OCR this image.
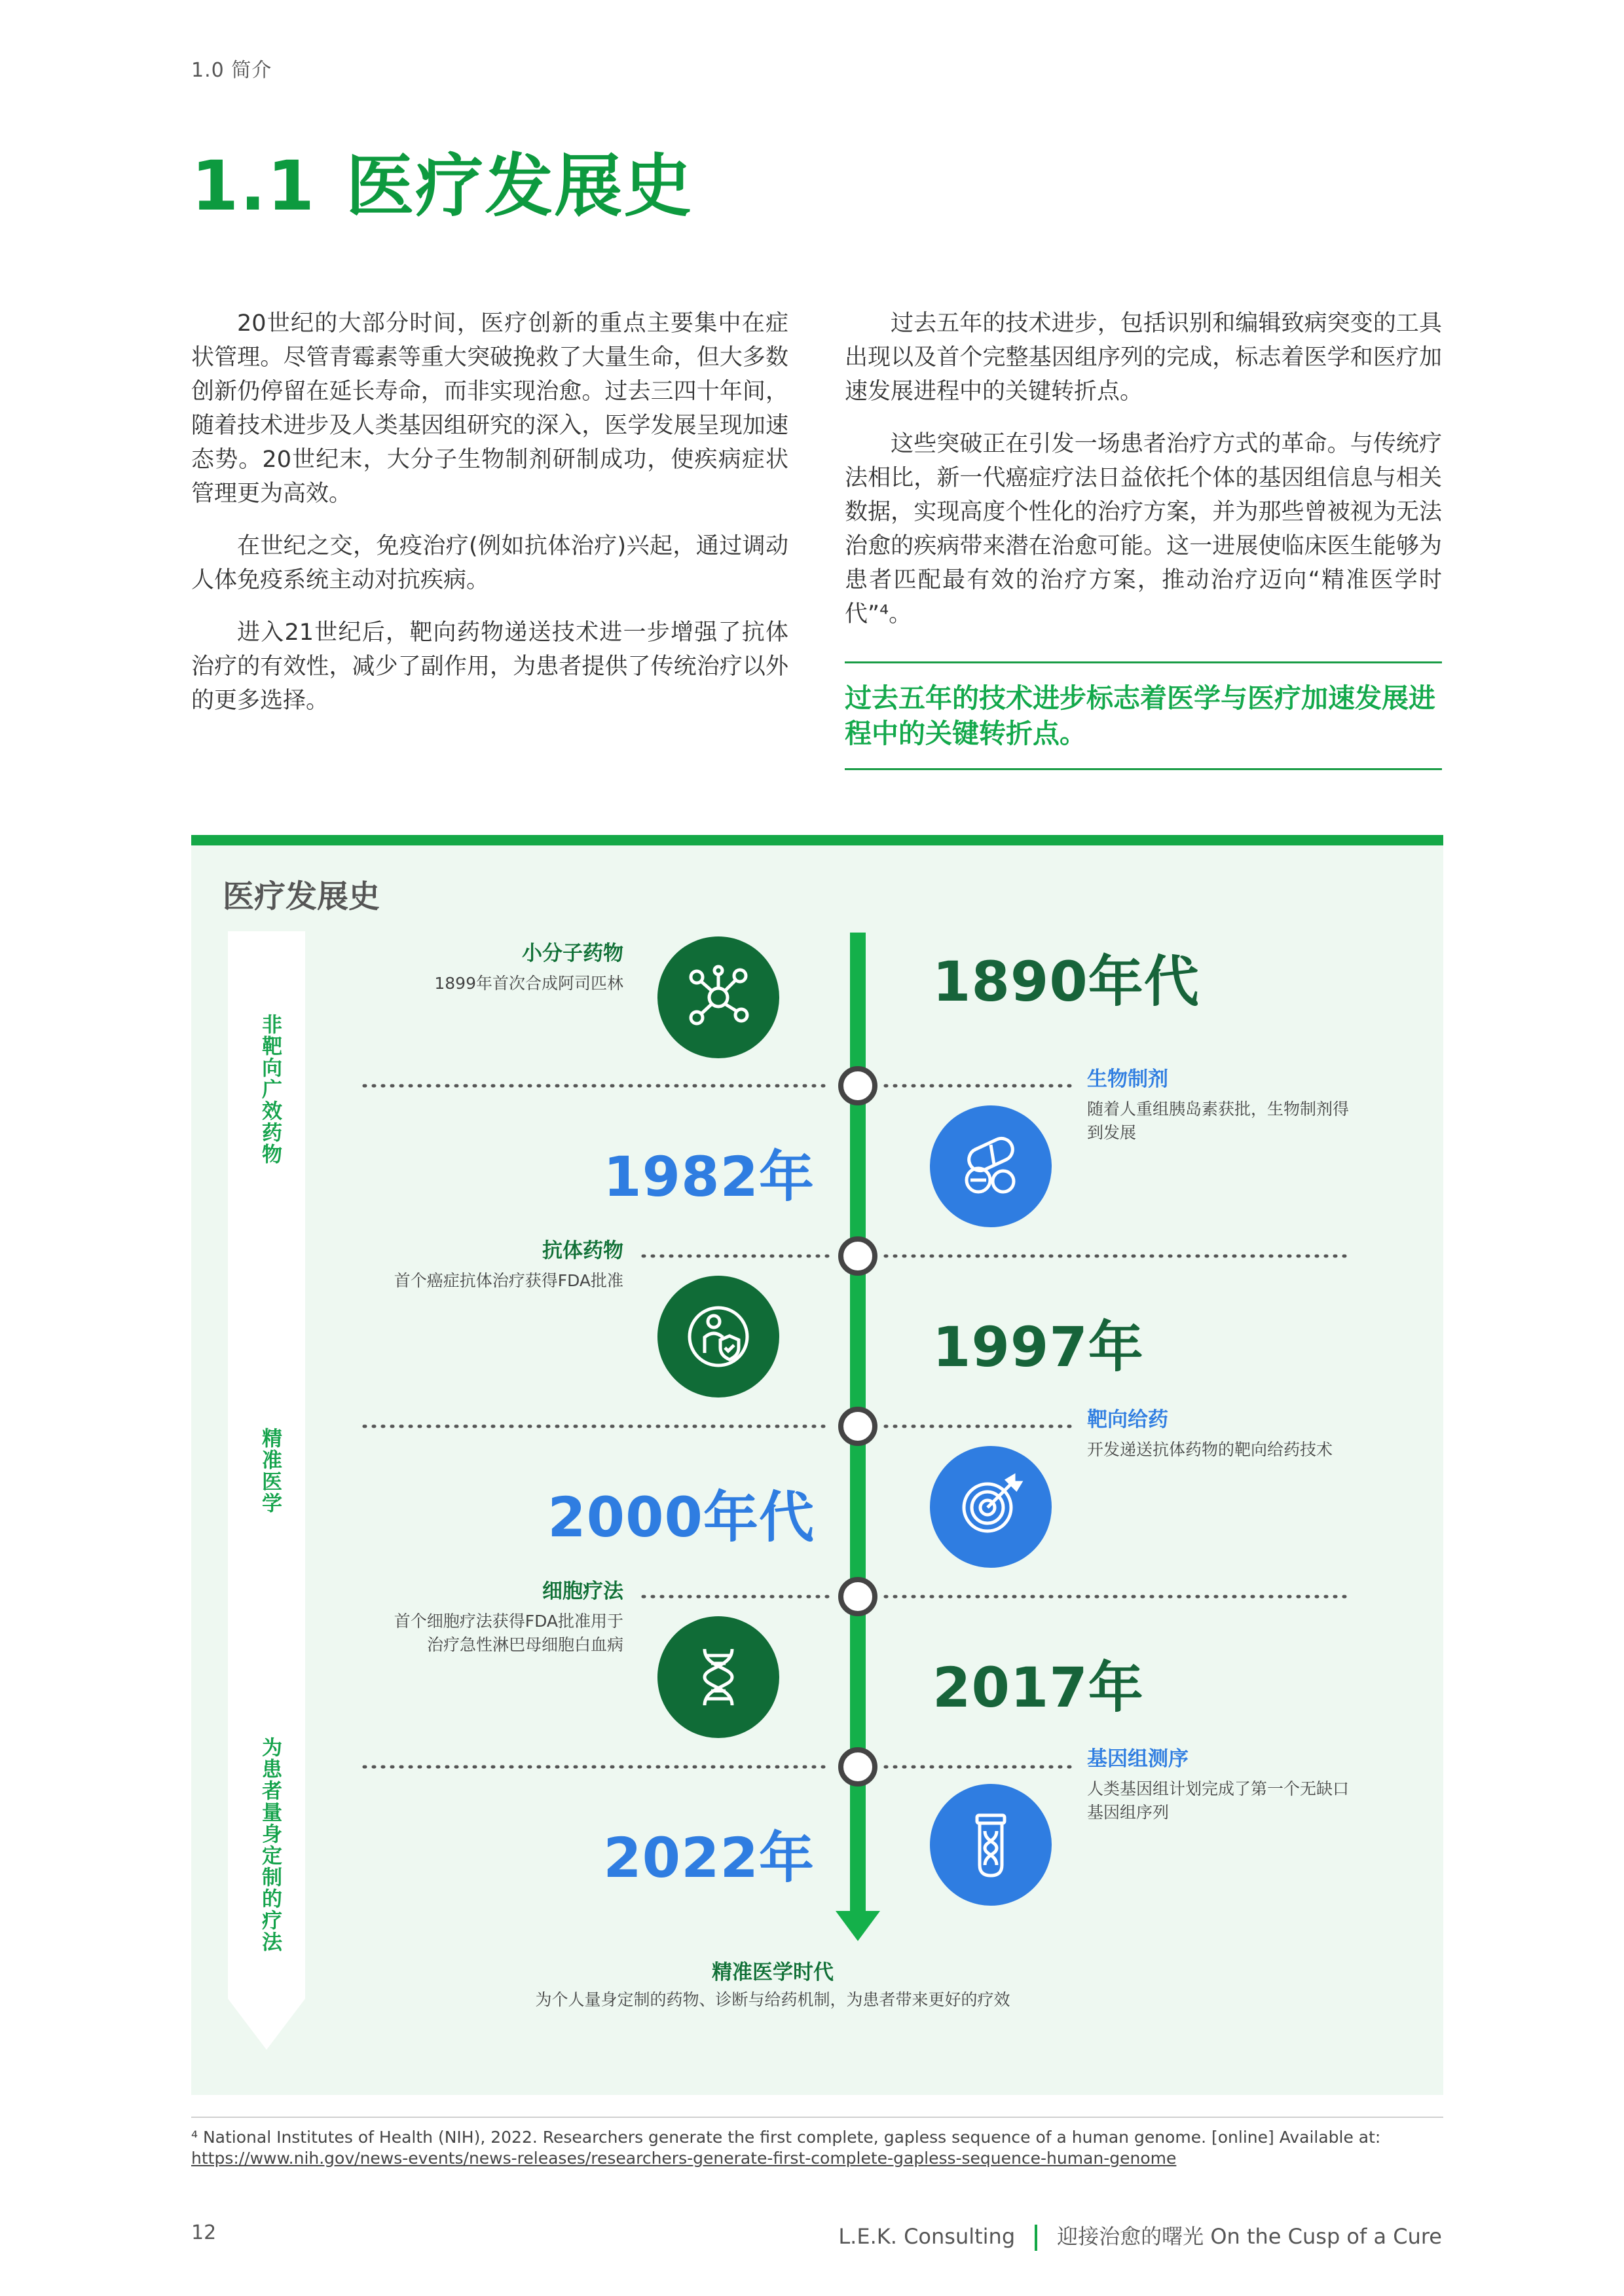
1.0 简介
1.1 医疗发展史

20世纪的大部分时间，医疗创新的重点主要集中在症状管理。尽管青霉素等重大突破挽救了大量生命，但大多数创新仍停留在延长寿命，而非实现治愈。过去三四十年间，随着技术进步及人类基因组研究的深入，医学发展呈现加速态势。20世纪末，大分子生物制剂研制成功，使疾病症状管理更为高效。

在世纪之交，免疫治疗(例如抗体治疗)兴起，通过调动人体免疫系统主动对抗疾病。

进入21世纪后，靶向药物递送技术进一步增强了抗体治疗的有效性，减少了副作用，为患者提供了传统治疗以外的更多选择。

过去五年的技术进步，包括识别和编辑致病突变的工具出现以及首个完整基因组序列的完成，标志着医学和医疗加速发展进程中的关键转折点。

这些突破正在引发一场患者治疗方式的革命。与传统疗法相比，新一代癌症疗法日益依托个体的基因组信息与相关数据，实现高度个性化的治疗方案，并为那些曾被视为无法治愈的疾病带来潜在治愈可能。这一进展使临床医生能够为患者匹配最有效的治疗方案，推动治疗迈向“精准医学时代”⁴。

过去五年的技术进步标志着医学与医疗加速发展进程中的关键转折点。
医疗发展史
非靶向广效药物
精准医学
为患者量身定制的疗法
1890年代
1982年
1997年
2000年代
2017年
2022年
小分子药物
1899年首次合成阿司匹林
生物制剂
随着人重组胰岛素获批，生物制剂得
到发展
抗体药物
首个癌症抗体治疗获得FDA批准
靶向给药
开发递送抗体药物的靶向给药技术
细胞疗法
首个细胞疗法获得FDA批准用于
治疗急性淋巴母细胞白血病
基因组测序
人类基因组计划完成了第一个无缺口
基因组序列
精准医学时代
为个人量身定制的药物、诊断与给药机制，为患者带来更好的疗效
⁴ National Institutes of Health (NIH), 2022. Researchers generate the first complete, gapless sequence of a human genome. [online] Available at:
https://www.nih.gov/news-events/news-releases/researchers-generate-first-complete-gapless-sequence-human-genome
12	L.E.K. Consulting 迎接治愈的曙光 On the Cusp of a Cure
